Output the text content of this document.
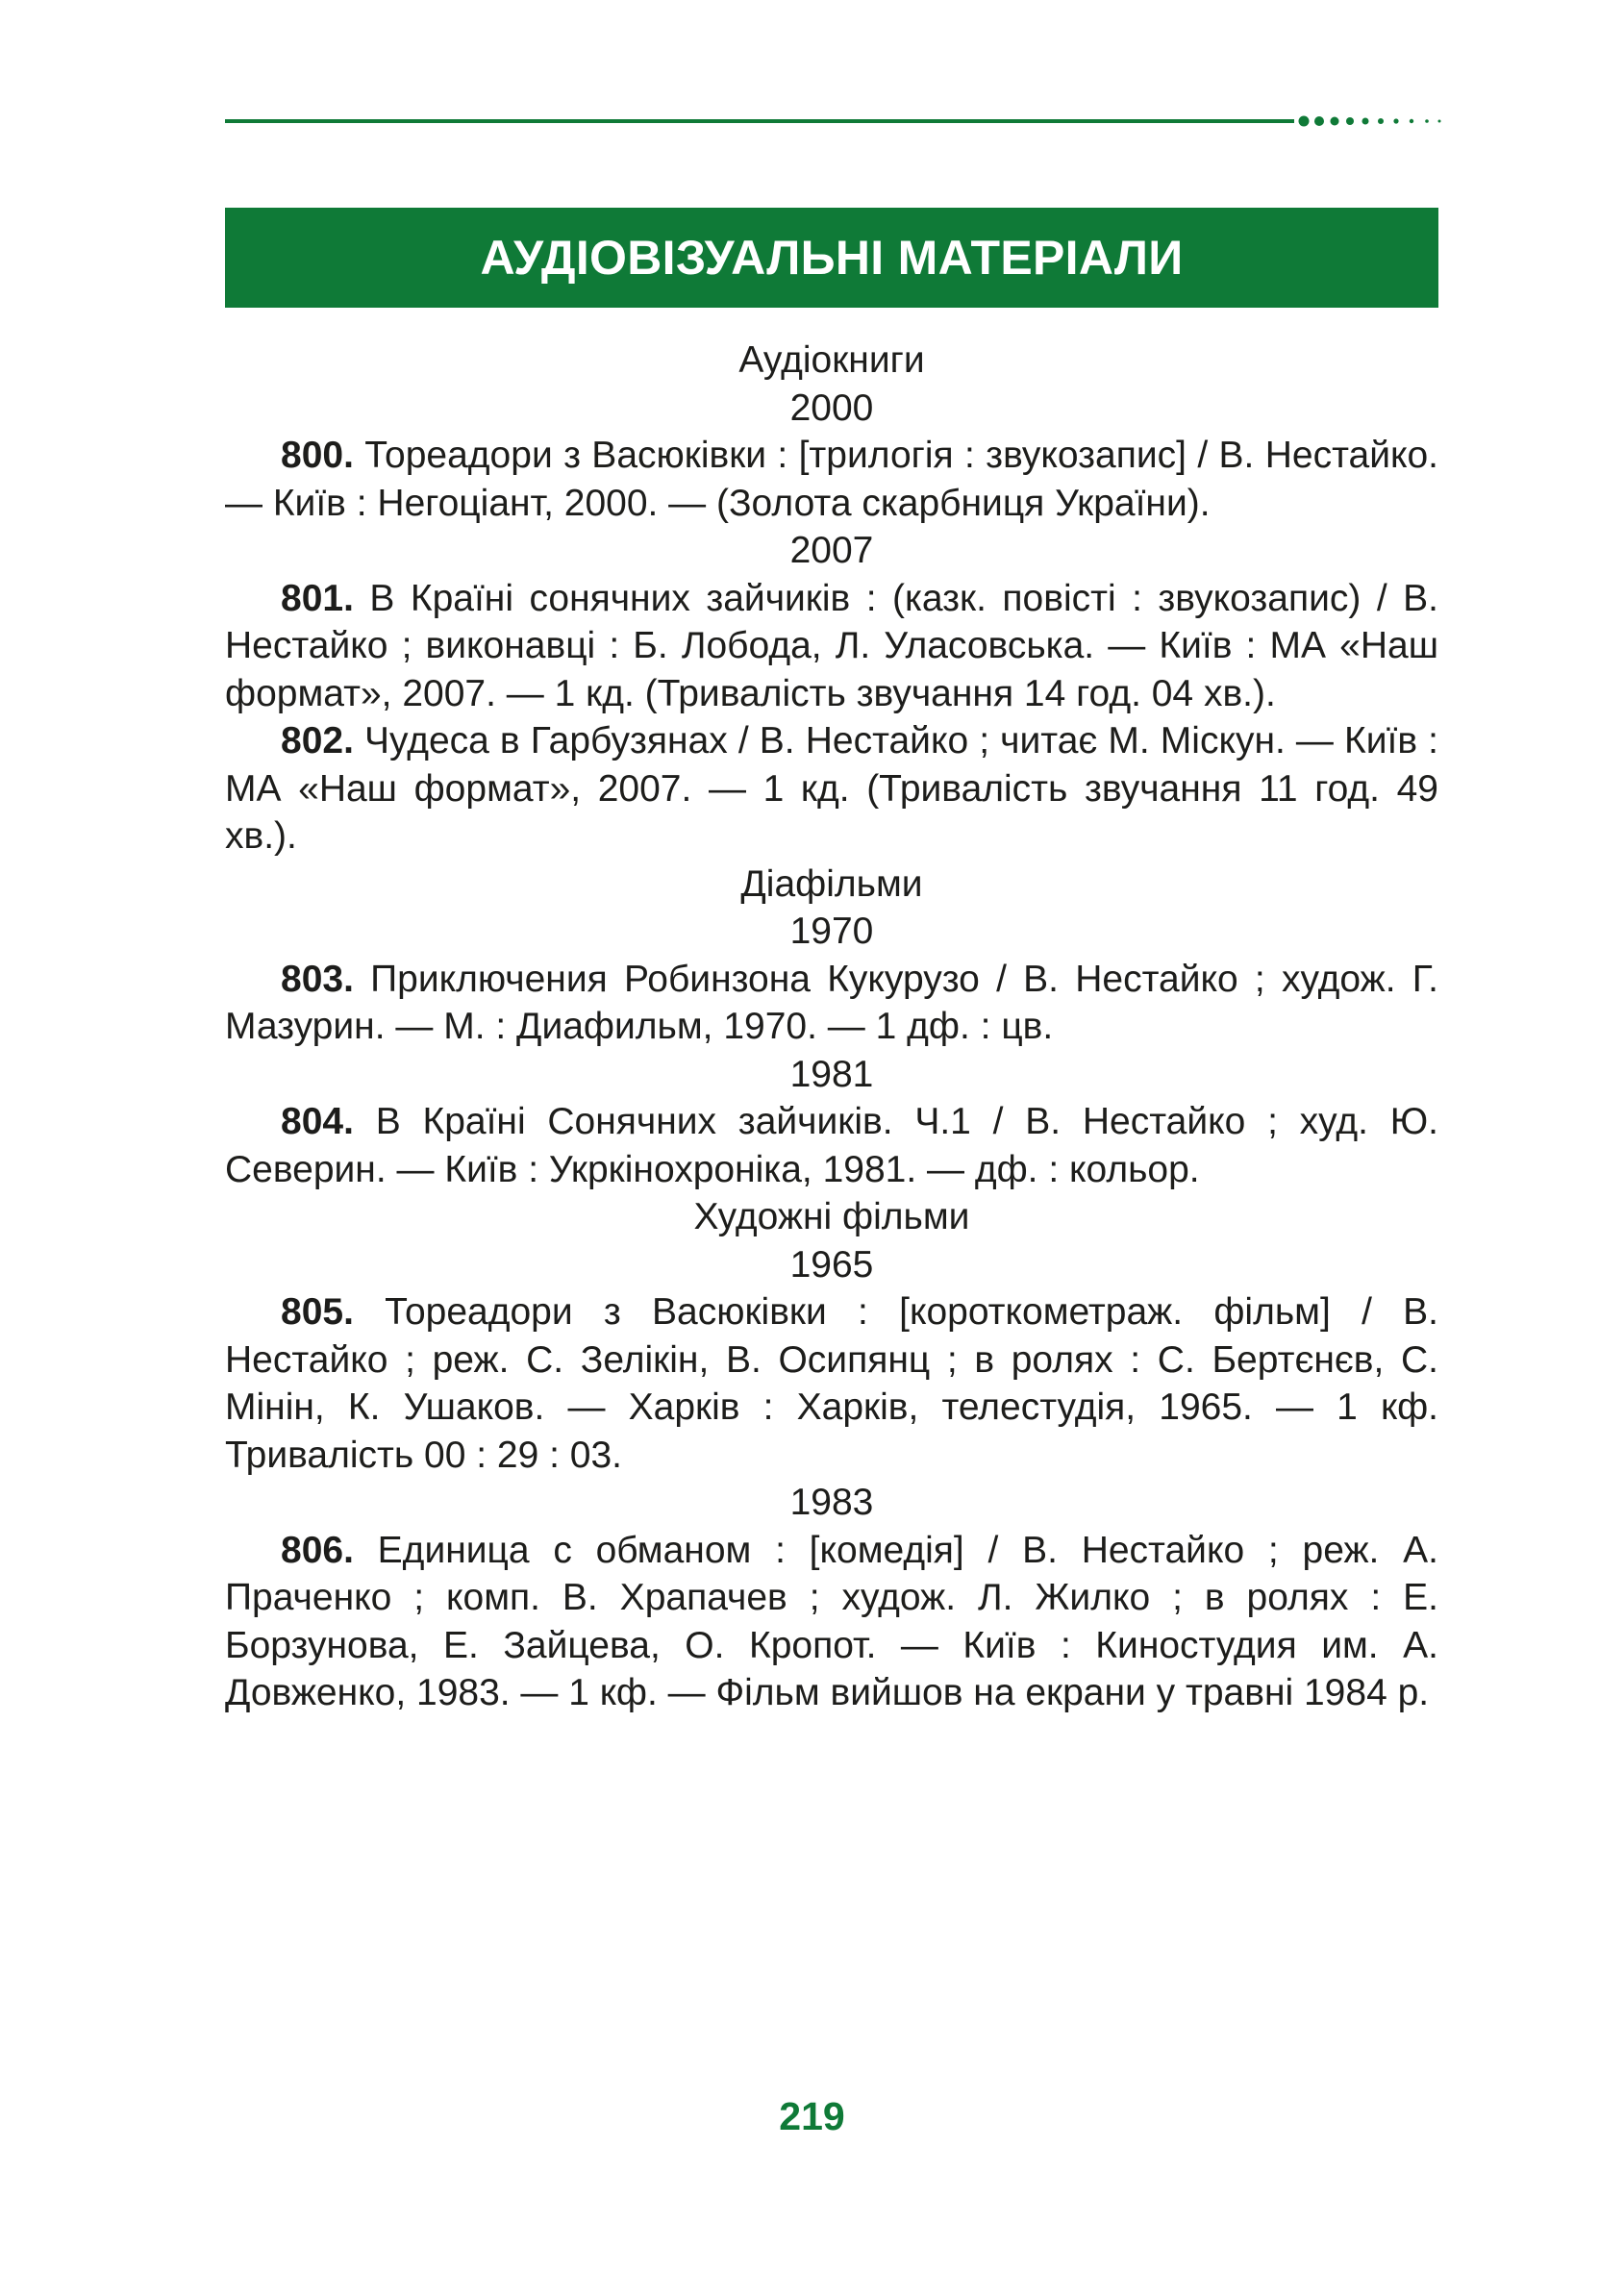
АУДІОВІЗУАЛЬНІ МАТЕРІАЛИ
Аудіокниги
2000
800. Тореадори з Васюківки : [трилогія : звукозапис] / В. Нестайко. — Київ : Негоціант, 2000. — (Золота скарбниця України).
2007
801. В Країні сонячних зайчиків : (казк. повісті : звукозапис) / В. Нестайко ; виконавці : Б. Лобода, Л. Уласовська. — Київ : МА «Наш формат», 2007. — 1 кд. (Тривалість звучання 14 год. 04 хв.).
802. Чудеса в Гарбузянах / В. Нестайко ; читає М. Міскун. — Київ : МА «Наш формат», 2007. — 1 кд. (Тривалість звучання 11 год. 49 хв.).
Діафільми
1970
803. Приключения Робинзона Кукурузо / В. Нестайко ; худож. Г. Мазурин. — М. : Диафильм, 1970. — 1 дф. : цв.
1981
804. В Країні Сонячних зайчиків. Ч.1 / В. Нестайко ; худ. Ю. Северин. — Київ : Укркінохроніка, 1981. — дф. : кольор.
Художні фільми
1965
805. Тореадори з Васюківки : [короткометраж. фільм] / В. Нестайко ; реж. С. Зелікін, В. Осипянц ; в ролях : С. Бертєнєв, С. Мінін, К. Ушаков. — Харків : Харків, телестудія, 1965. — 1 кф. Тривалість 00 : 29 : 03.
1983
806. Единица с обманом : [комедія] / В. Нестайко ; реж. А. Праченко ; комп. В. Храпачев ; худож. Л. Жилко ; в ролях : Е. Борзунова, Е. Зайцева, О. Кропот. — Київ : Киностудия им. А. Довженко, 1983. — 1 кф. — Фільм вийшов на екрани у травні 1984 р.
219
